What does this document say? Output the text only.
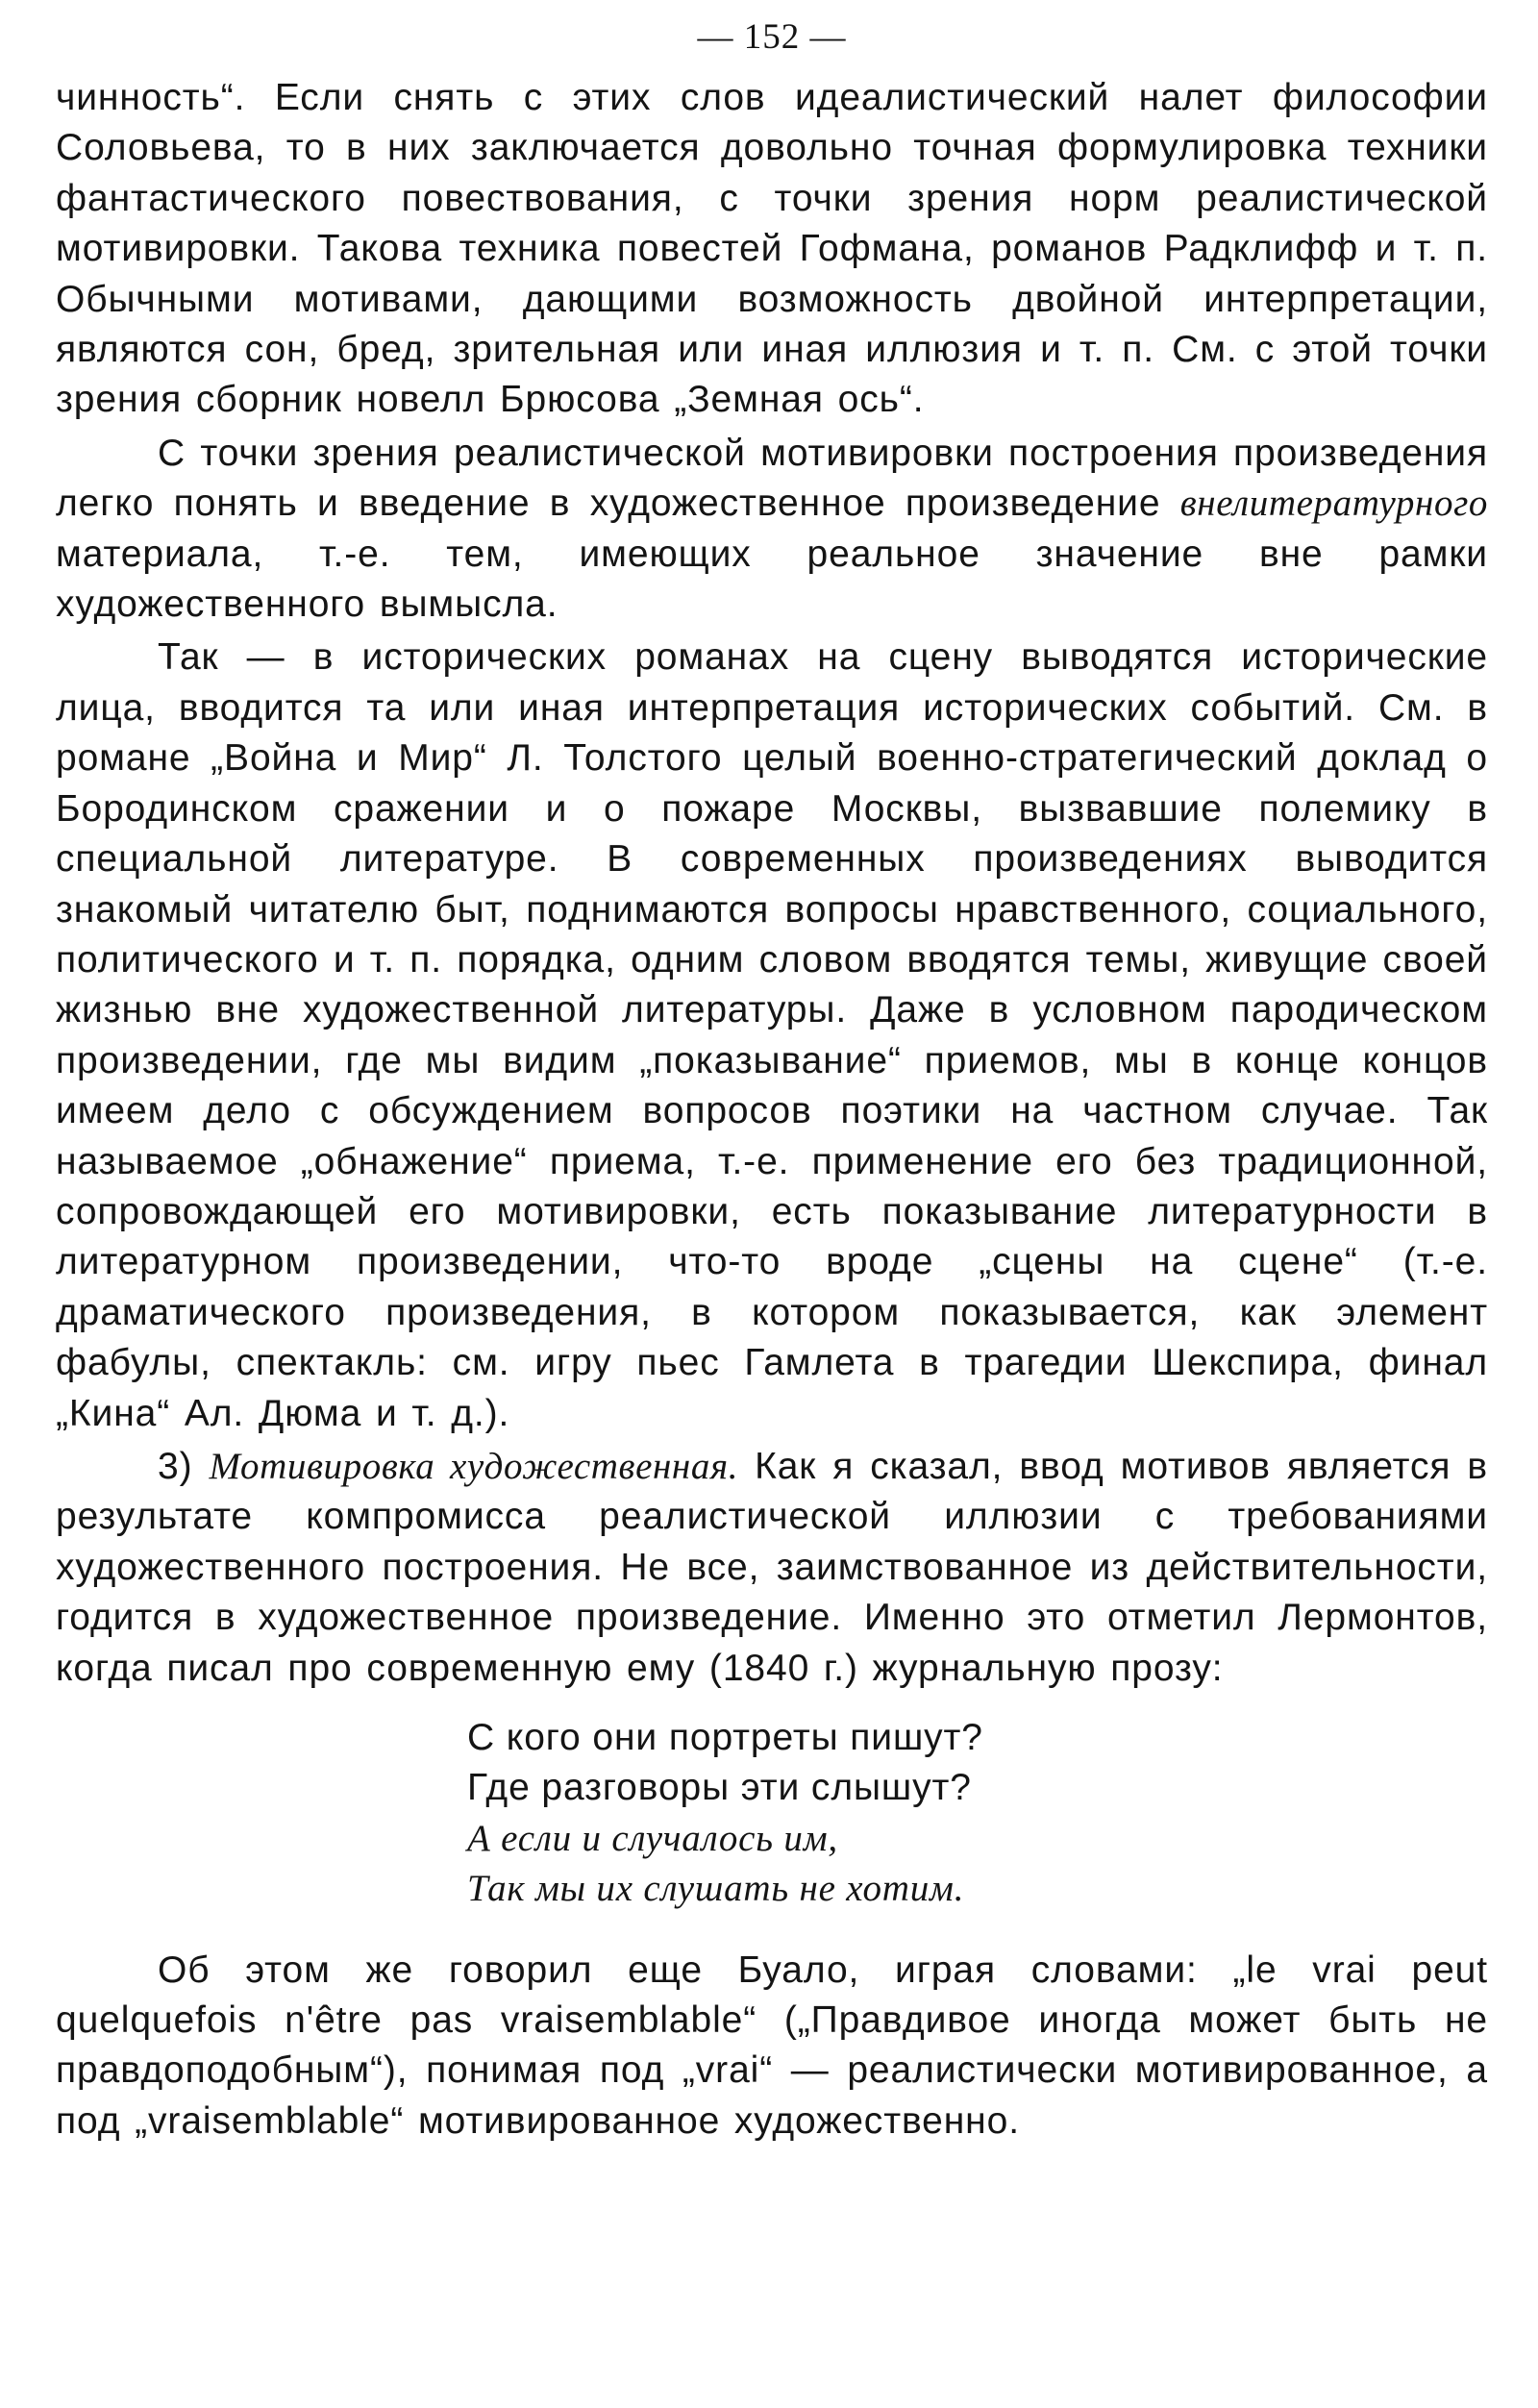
— 152 —

чинность“. Если снять с этих слов идеалистический налет философии Соловьева, то в них заключается довольно точная формулировка техники фантастического повествования, с точки зрения норм реалистической мотивировки. Такова техника повестей Гофмана, романов Радклифф и т. п. Обычными мотивами, дающими возможность двойной интерпретации, являются сон, бред, зрительная или иная иллюзия и т. п. См. с этой точки зрения сборник новелл Брюсова „Земная ось“.

С точки зрения реалистической мотивировки построения произведения легко понять и введение в художественное произведение внелитературного материала, т.-е. тем, имеющих реальное значение вне рамки художественного вымысла.

Так — в исторических романах на сцену выводятся исторические лица, вводится та или иная интерпретация исторических событий. См. в романе „Война и Мир“ Л. Толстого целый военно-стратегический доклад о Бородинском сражении и о пожаре Москвы, вызвавшие полемику в специальной литературе. В современных произведениях выводится знакомый читателю быт, поднимаются вопросы нравственного, социального, политического и т. п. порядка, одним словом вводятся темы, живущие своей жизнью вне художественной литературы. Даже в условном пародическом произведении, где мы видим „показывание“ приемов, мы в конце концов имеем дело с обсуждением вопросов поэтики на частном случае. Так называемое „обнажение“ приема, т.-е. применение его без традиционной, сопровождающей его мотивировки, есть показывание литературности в литературном произведении, что-то вроде „сцены на сцене“ (т.-е. драматического произведения, в котором показывается, как элемент фабулы, спектакль: см. игру пьес Гамлета в трагедии Шекспира, финал „Кина“ Ал. Дюма и т. д.).

3) Мотивировка художественная. Как я сказал, ввод мотивов является в результате компромисса реалистической иллюзии с требованиями художественного построения. Не все, заимствованное из действительности, годится в художественное произведение. Именно это отметил Лермонтов, когда писал про современную ему (1840 г.) журнальную прозу:

С кого они портреты пишут?
Где разговоры эти слышут?
А если и случалось им,
Так мы их слушать не хотим.

Об этом же говорил еще Буало, играя словами: „le vrai peut quelquefois n'être pas vraisemblable“ („Правдивое иногда может быть не правдоподобным“), понимая под „vrai“ — реалистически мотивированное, а под „vraisemblable“ мотивированное художественно.
